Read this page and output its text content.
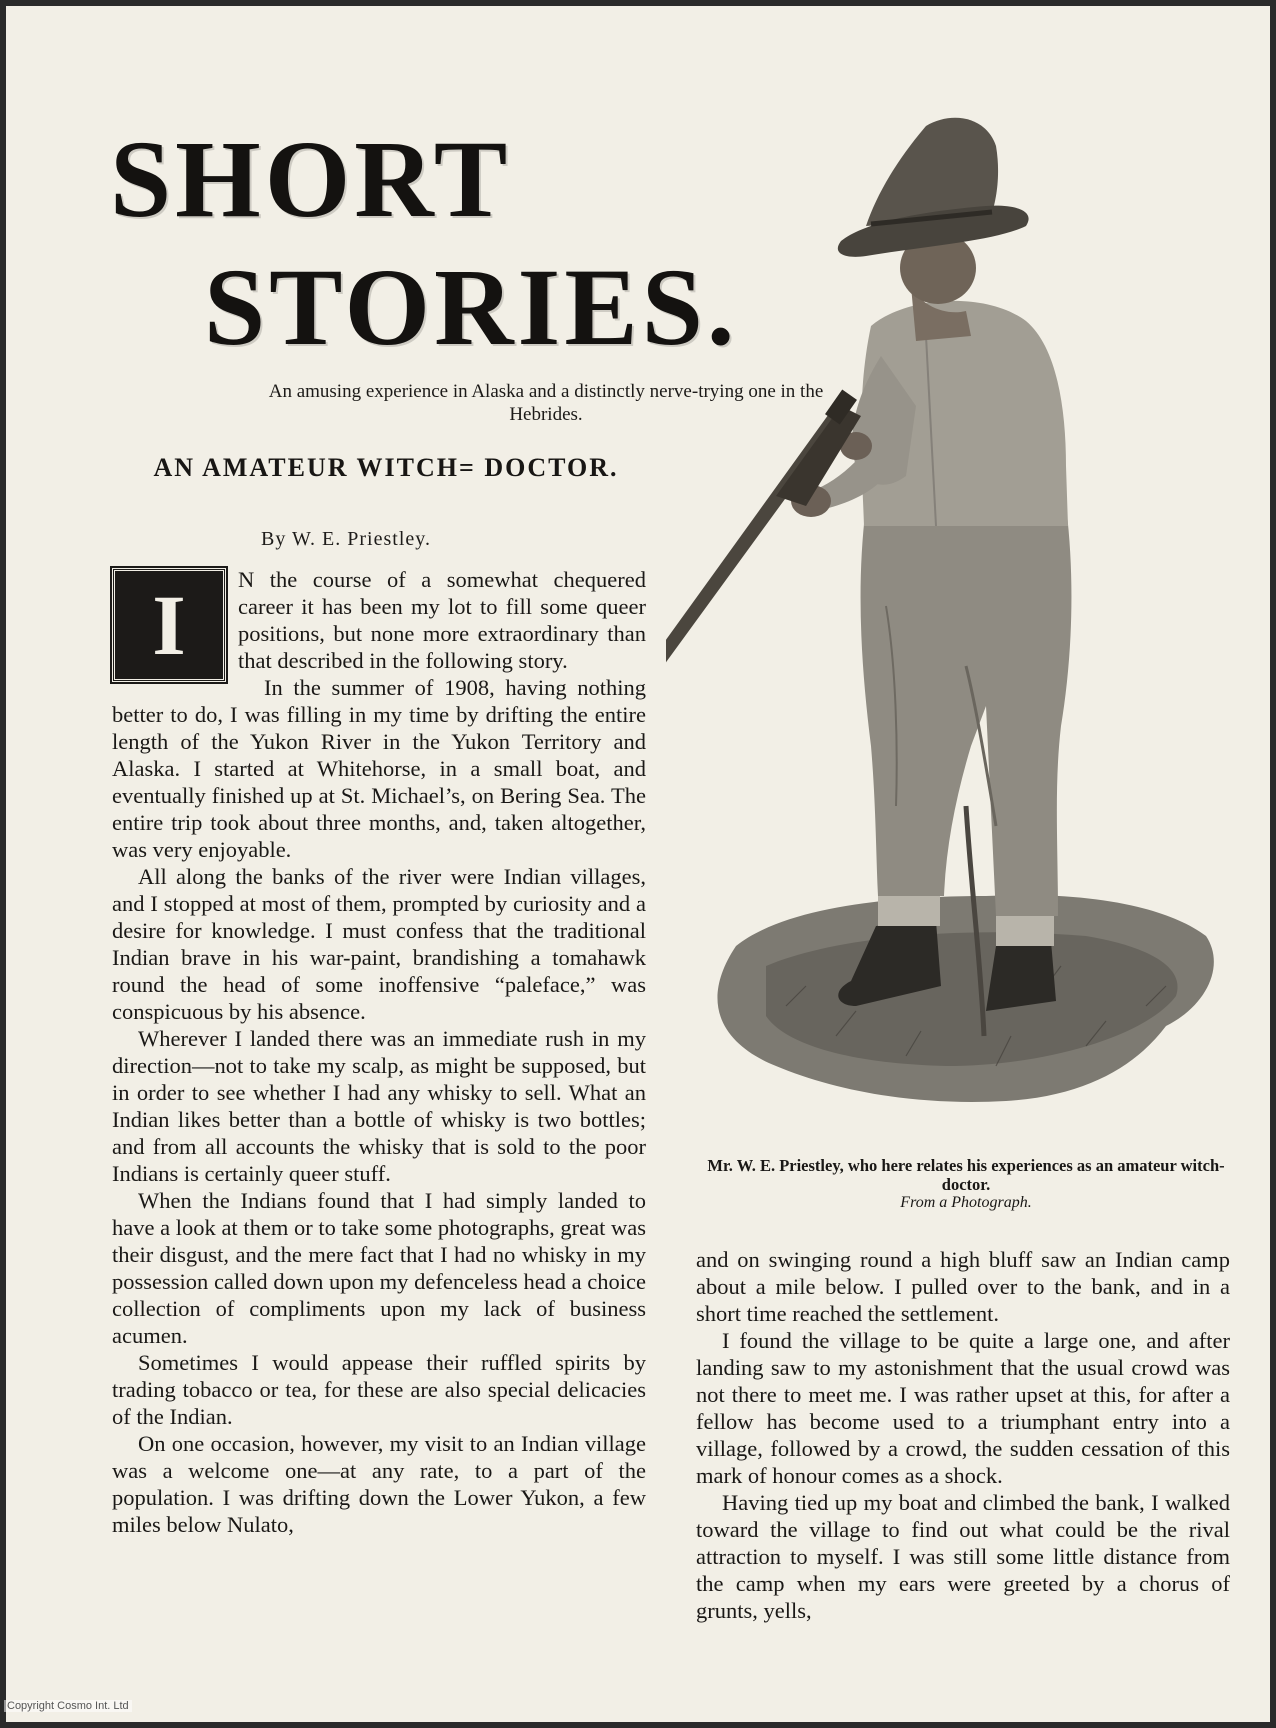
SHORT
STORIES.
An amusing experience in Alaska and a distinctly nerve-trying one in the Hebrides.
AN AMATEUR WITCH= DOCTOR.
By W. E. Priestley.

I	N the course of a somewhat chequered career it has been my lot to fill some queer positions, but none more extraordinary than that described in the following story.

In the summer of 1908, having nothing better to do, I was filling in my time by drifting the entire length of the Yukon River in the Yukon Territory and Alaska. I started at Whitehorse, in a small boat, and eventually finished up at St. Michael’s, on Bering Sea. The entire trip took about three months, and, taken altogether, was very enjoyable.

All along the banks of the river were Indian villages, and I stopped at most of them, prompted by curiosity and a desire for knowledge. I must confess that the traditional Indian brave in his war-paint, brandishing a tomahawk round the head of some inoffensive “paleface,” was conspicuous by his absence.

Wherever I landed there was an immediate rush in my direction—not to take my scalp, as might be supposed, but in order to see whether I had any whisky to sell. What an Indian likes better than a bottle of whisky is two bottles; and from all accounts the whisky that is sold to the poor Indians is certainly queer stuff.

When the Indians found that I had simply landed to have a look at them or to take some photographs, great was their disgust, and the mere fact that I had no whisky in my possession called down upon my defenceless head a choice collection of compliments upon my lack of business acumen.

Sometimes I would appease their ruffled spirits by trading tobacco or tea, for these are also special delicacies of the Indian.

On one occasion, however, my visit to an Indian village was a welcome one—at any rate, to a part of the population. I was drifting down the Lower Yukon, a few miles below Nulato,

Mr. W. E. Priestley, who here relates his experiences as an amateur witch-doctor.
From a Photograph.

and on swinging round a high bluff saw an Indian camp about a mile below. I pulled over to the bank, and in a short time reached the settlement.

I found the village to be quite a large one, and after landing saw to my astonishment that the usual crowd was not there to meet me. I was rather upset at this, for after a fellow has become used to a triumphant entry into a village, followed by a crowd, the sudden cessation of this mark of honour comes as a shock.

Having tied up my boat and climbed the bank, I walked toward the village to find out what could be the rival attraction to myself. I was still some little distance from the camp when my ears were greeted by a chorus of grunts, yells,

Copyright Cosmo Int. Ltd
